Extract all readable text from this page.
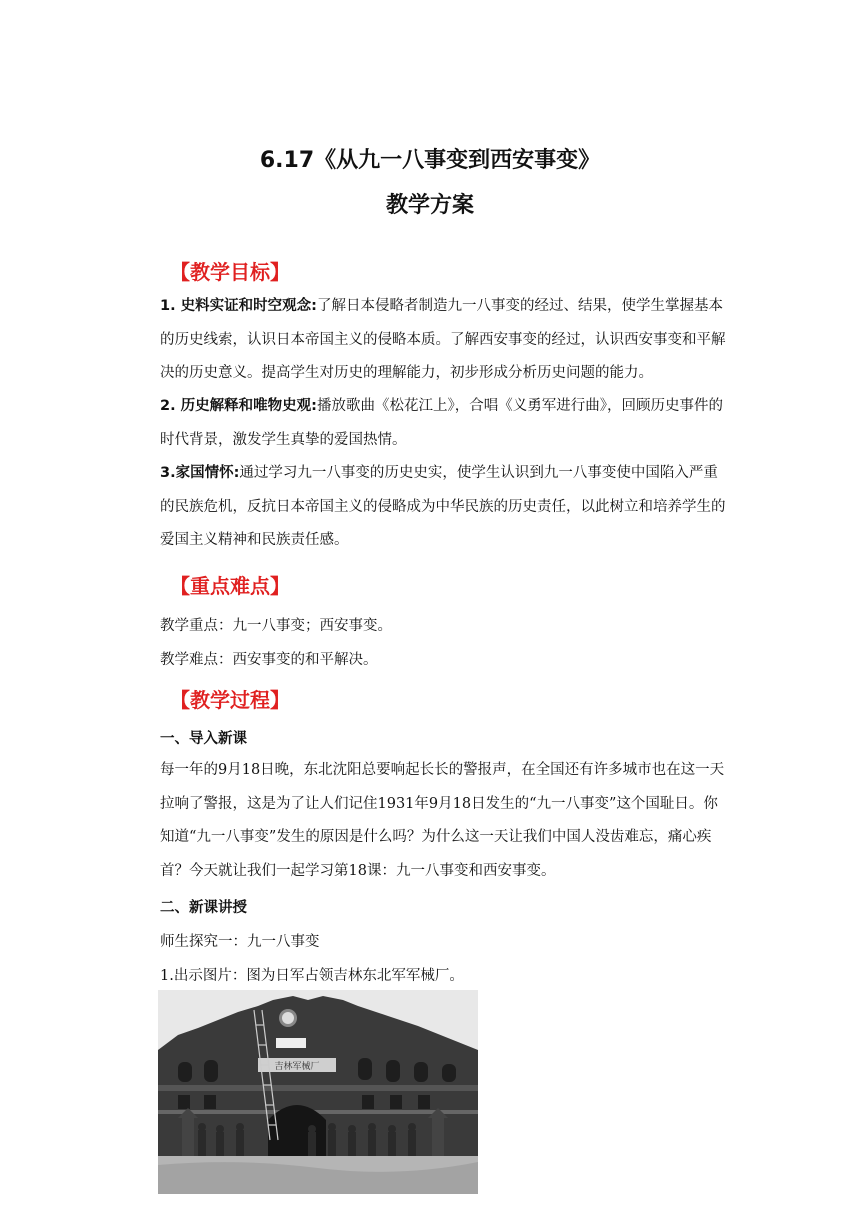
6.17《从九一八事变到西安事变》
教学方案
【教学目标】

1. 史料实证和时空观念:了解日本侵略者制造九一八事变的经过、结果，使学生掌握基本的历史线索，认识日本帝国主义的侵略本质。了解西安事变的经过，认识西安事变和平解决的历史意义。提高学生对历史的理解能力，初步形成分析历史问题的能力。

2. 历史解释和唯物史观:播放歌曲《松花江上》，合唱《义勇军进行曲》，回顾历史事件的时代背景，激发学生真挚的爱国热情。

3.家国情怀:通过学习九一八事变的历史史实，使学生认识到九一八事变使中国陷入严重的民族危机，反抗日本帝国主义的侵略成为中华民族的历史责任，以此树立和培养学生的爱国主义精神和民族责任感。

【重点难点】
教学重点：九一八事变；西安事变。
教学难点：西安事变的和平解决。
【教学过程】
一、导入新课

每一年的9月18日晚，东北沈阳总要响起长长的警报声，在全国还有许多城市也在这一天拉响了警报，这是为了让人们记住1931年9月18日发生的“九一八事变”这个国耻日。你知道“九一八事变”发生的原因是什么吗？为什么这一天让我们中国人没齿难忘，痛心疾首？今天就让我们一起学习第18课：九一八事变和西安事变。

二、新课讲授
师生探究一：九一八事变
1.出示图片：图为日军占领吉林东北军军械厂。
吉林军械厂
